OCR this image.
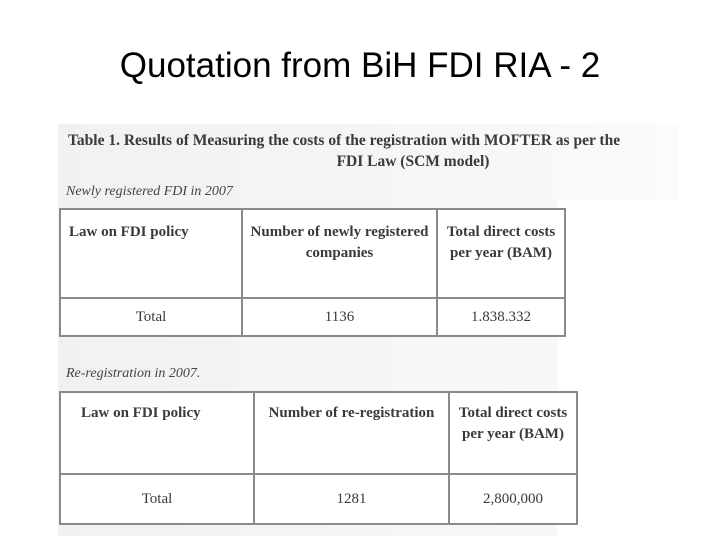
Quotation from BiH FDI RIA - 2
Table 1. Results of Measuring the costs of the registration with MOFTER as per the
FDI Law (SCM model)
Newly registered FDI in 2007
Law on FDI policy	Number of newly registered companies	Total direct costs per year (BAM)
Total	1136	1.838.332
Re-registration in 2007.
Law on FDI policy	Number of re-registration	Total direct costs per year (BAM)
Total	1281	2,800,000
